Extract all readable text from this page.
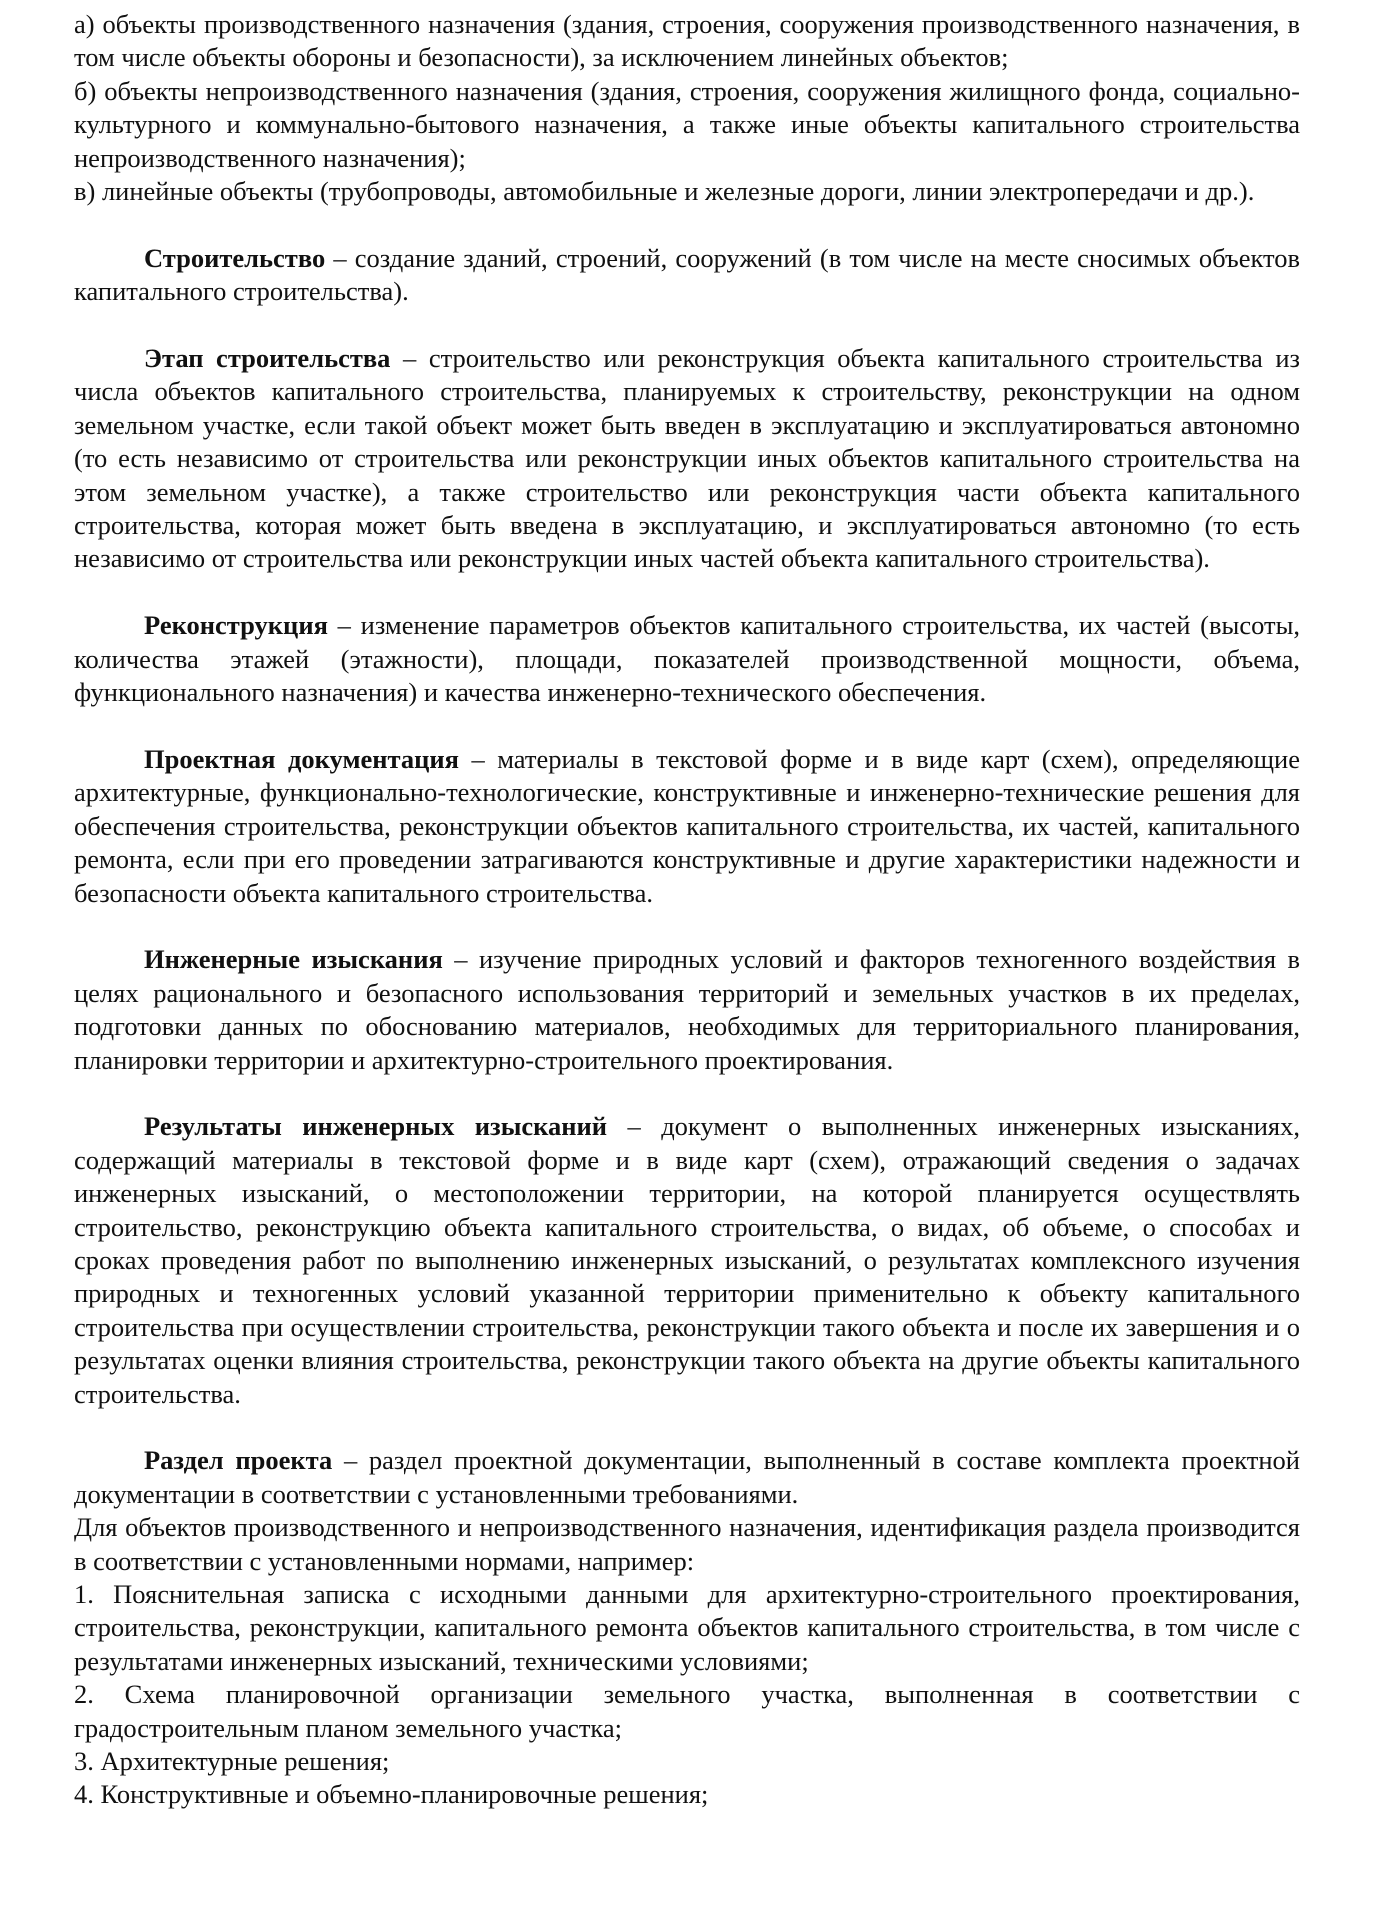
а) объекты производственного назначения (здания, строения, сооружения производственного назначения, в том числе объекты обороны и безопасности), за исключением линейных объектов;

б) объекты непроизводственного назначения (здания, строения, сооружения жилищного фонда, социально-культурного и коммунально-бытового назначения, а также иные объекты капитального строительства непроизводственного назначения);

в) линейные объекты (трубопроводы, автомобильные и железные дороги, линии электропередачи и др.).

Строительство – создание зданий, строений, сооружений (в том числе на месте сносимых объектов капитального строительства).

Этап строительства – строительство или реконструкция объекта капитального строительства из числа объектов капитального строительства, планируемых к строительству, реконструкции на одном земельном участке, если такой объект может быть введен в эксплуатацию и эксплуатироваться автономно (то есть независимо от строительства или реконструкции иных объектов капитального строительства на этом земельном участке), а также строительство или реконструкция части объекта капитального строительства, которая может быть введена в эксплуатацию, и эксплуатироваться автономно (то есть независимо от строительства или реконструкции иных частей объекта капитального строительства).

Реконструкция – изменение параметров объектов капитального строительства, их частей (высоты, количества этажей (этажности), площади, показателей производственной мощности, объема, функционального назначения) и качества инженерно-технического обеспечения.

Проектная документация – материалы в текстовой форме и в виде карт (схем), определяющие архитектурные, функционально-технологические, конструктивные и инженерно-технические решения для обеспечения строительства, реконструкции объектов капитального строительства, их частей, капитального ремонта, если при его проведении затрагиваются конструктивные и другие характеристики надежности и безопасности объекта капитального строительства.

Инженерные изыскания – изучение природных условий и факторов техногенного воздействия в целях рационального и безопасного использования территорий и земельных участков в их пределах, подготовки данных по обоснованию материалов, необходимых для территориального планирования, планировки территории и архитектурно-строительного проектирования.

Результаты инженерных изысканий – документ о выполненных инженерных изысканиях, содержащий материалы в текстовой форме и в виде карт (схем), отражающий сведения о задачах инженерных изысканий, о местоположении территории, на которой планируется осуществлять строительство, реконструкцию объекта капитального строительства, о видах, об объеме, о способах и сроках проведения работ по выполнению инженерных изысканий, о результатах комплексного изучения природных и техногенных условий указанной территории применительно к объекту капитального строительства при осуществлении строительства, реконструкции такого объекта и после их завершения и о результатах оценки влияния строительства, реконструкции такого объекта на другие объекты капитального строительства.

Раздел проекта – раздел проектной документации, выполненный в составе комплекта проектной документации в соответствии с установленными требованиями.

Для объектов производственного и непроизводственного назначения, идентификация раздела производится в соответствии с установленными нормами, например:

1. Пояснительная записка с исходными данными для архитектурно-строительного проектирования, строительства, реконструкции, капитального ремонта объектов капитального строительства, в том числе с результатами инженерных изысканий, техническими условиями;

2. Схема планировочной организации земельного участка, выполненная в соответствии с градостроительным планом земельного участка;

3. Архитектурные решения;

4. Конструктивные и объемно-планировочные решения;
